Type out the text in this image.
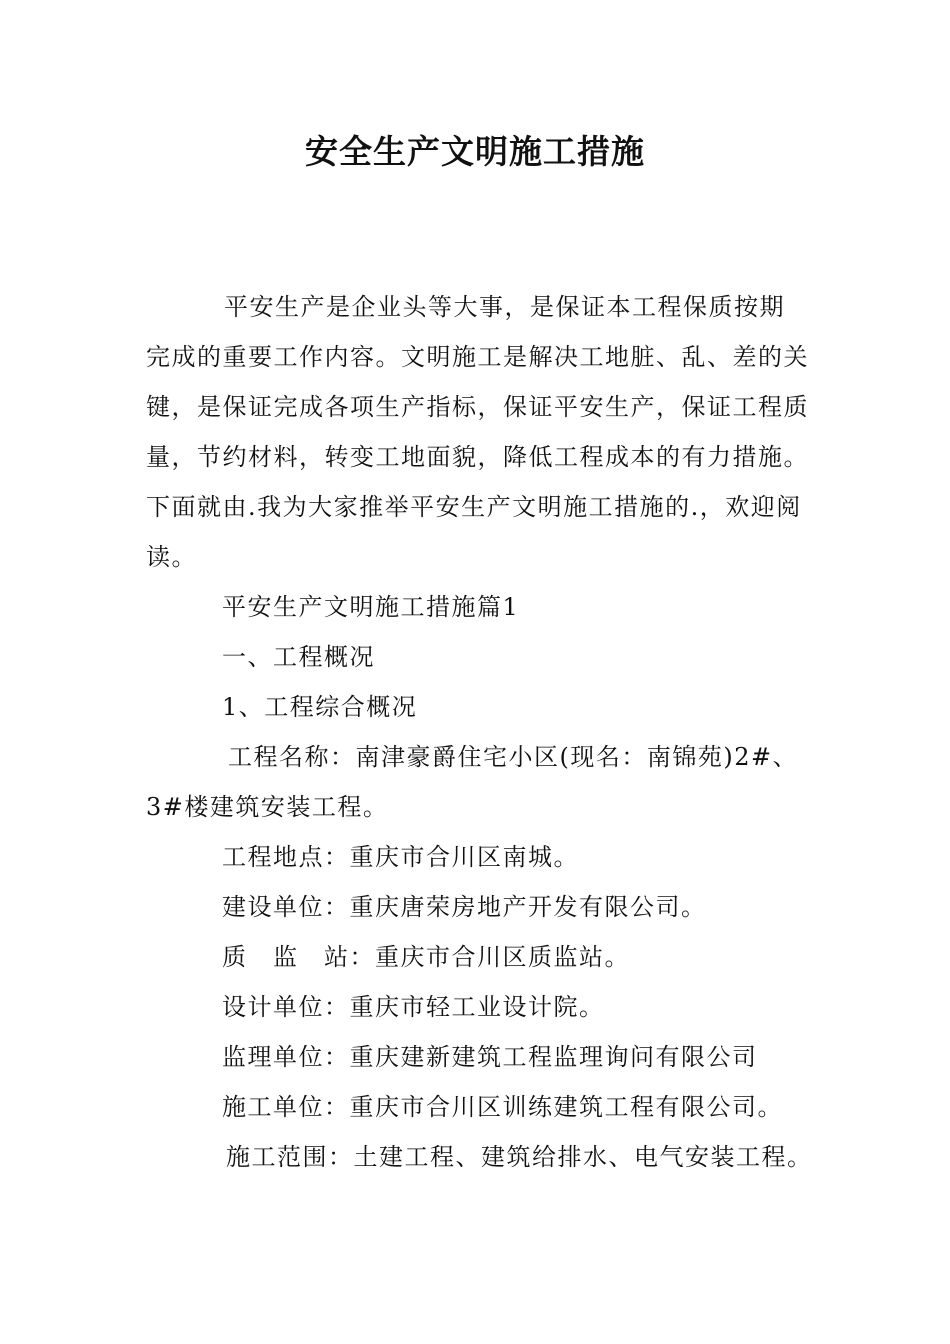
安全生产文明施工措施
平安生产是企业头等大事，是保证本工程保质按期完成的重要工作内容。文明施工是解决工地脏、乱、差的关键，是保证完成各项生产指标，保证平安生产，保证工程质量，节约材料，转变工地面貌，降低工程成本的有力措施。下面就由.我为大家推举平安生产文明施工措施的.，欢迎阅读。
平安生产文明施工措施篇1
一、工程概况
1、工程综合概况
工程名称：南津豪爵住宅小区(现名：南锦苑)2#、3#楼建筑安装工程。
工程地点：重庆市合川区南城。
建设单位：重庆唐荣房地产开发有限公司。
质　监　站：重庆市合川区质监站。
设计单位：重庆市轻工业设计院。
监理单位：重庆建新建筑工程监理询问有限公司
施工单位：重庆市合川区训练建筑工程有限公司。
施工范围：土建工程、建筑给排水、电气安装工程。
